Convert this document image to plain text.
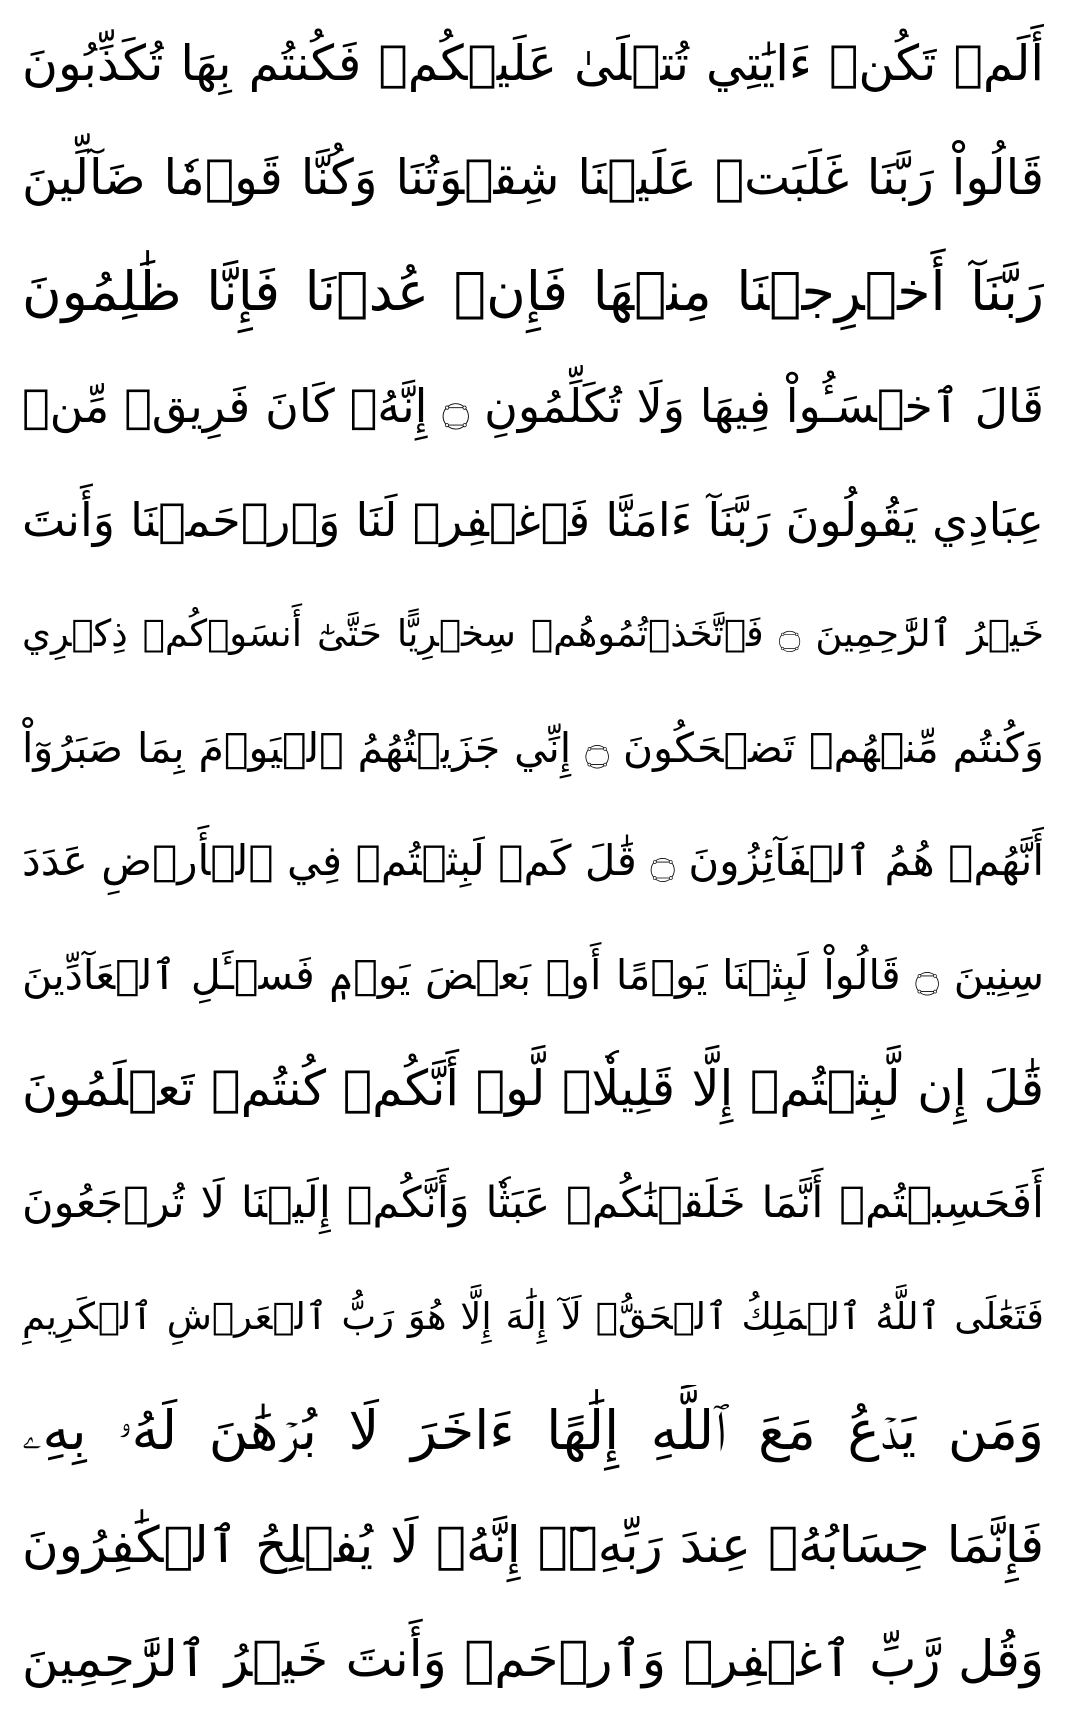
أَلَمۡ تَكُنۡ ءَايَٰتِي تُتۡلَىٰ عَلَيۡكُمۡ فَكُنتُم بِهَا تُكَذِّبُونَ
قَالُواْ رَبَّنَا غَلَبَتۡ عَلَيۡنَا شِقۡوَتُنَا وَكُنَّا قَوۡمٗا ضَآلِّينَ
رَبَّنَآ أَخۡرِجۡنَا مِنۡهَا فَإِنۡ عُدۡنَا فَإِنَّا ظَٰلِمُونَ
قَالَ ٱخۡسَـُٔواْ فِيهَا وَلَا تُكَلِّمُونِ ۝ إِنَّهُۥ كَانَ فَرِيقٞ مِّنۡ
عِبَادِي يَقُولُونَ رَبَّنَآ ءَامَنَّا فَٱغۡفِرۡ لَنَا وَٱرۡحَمۡنَا وَأَنتَ
خَيۡرُ ٱلرَّٰحِمِينَ ۝ فَٱتَّخَذۡتُمُوهُمۡ سِخۡرِيًّا حَتَّىٰٓ أَنسَوۡكُمۡ ذِكۡرِي
وَكُنتُم مِّنۡهُمۡ تَضۡحَكُونَ ۝ إِنِّي جَزَيۡتُهُمُ ٱلۡيَوۡمَ بِمَا صَبَرُوٓاْ
أَنَّهُمۡ هُمُ ٱلۡفَآئِزُونَ ۝ قَٰلَ كَمۡ لَبِثۡتُمۡ فِي ٱلۡأَرۡضِ عَدَدَ
سِنِينَ ۝ قَالُواْ لَبِثۡنَا يَوۡمًا أَوۡ بَعۡضَ يَوۡمٖ فَسۡـَٔلِ ٱلۡعَآدِّينَ
قَٰلَ إِن لَّبِثۡتُمۡ إِلَّا قَلِيلٗاۖ لَّوۡ أَنَّكُمۡ كُنتُمۡ تَعۡلَمُونَ
أَفَحَسِبۡتُمۡ أَنَّمَا خَلَقۡنَٰكُمۡ عَبَثٗا وَأَنَّكُمۡ إِلَيۡنَا لَا تُرۡجَعُونَ
فَتَعَٰلَى ٱللَّهُ ٱلۡمَلِكُ ٱلۡحَقُّۖ لَآ إِلَٰهَ إِلَّا هُوَ رَبُّ ٱلۡعَرۡشِ ٱلۡكَرِيمِ
وَمَن يَدۡعُ مَعَ ٱللَّهِ إِلَٰهًا ءَاخَرَ لَا بُرۡهَٰنَ لَهُۥ بِهِۦ
فَإِنَّمَا حِسَابُهُۥ عِندَ رَبِّهِۦٓۚ إِنَّهُۥ لَا يُفۡلِحُ ٱلۡكَٰفِرُونَ
وَقُل رَّبِّ ٱغۡفِرۡ وَٱرۡحَمۡ وَأَنتَ خَيۡرُ ٱلرَّٰحِمِينَ
